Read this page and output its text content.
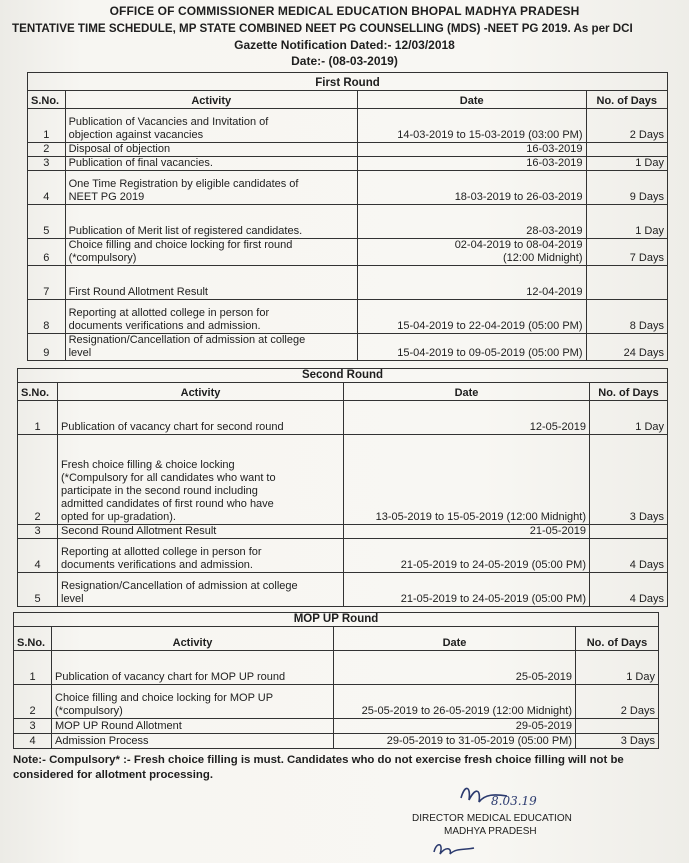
OFFICE OF COMMISSIONER MEDICAL EDUCATION BHOPAL MADHYA PRADESH
TENTATIVE TIME SCHEDULE, MP STATE COMBINED NEET PG COUNSELLING (MDS) -NEET PG 2019. As per DCI
Gazette Notification Dated:- 12/03/2018
Date:- (08-03-2019)
First Round			
S.No.	Activity	Date	No. of Days
1	Publication of Vacancies and Invitation of
objection against vacancies	14-03-2019 to 15-03-2019 (03:00 PM)	2 Days
2	Disposal of objection	16-03-2019	

3	Publication of final vacancies.	16-03-2019	1 Day
4	One Time Registration by eligible candidates of
NEET PG 2019	18-03-2019 to 26-03-2019	9 Days
5	Publication of Merit list of registered candidates.	28-03-2019	1 Day
6	Choice filling and choice locking for first round
(*compulsory)	02-04-2019 to 08-04-2019
(12:00 Midnight)	7 Days
7	First Round Allotment Result	12-04-2019	

8	Reporting at allotted college in person for
documents verifications and admission.	15-04-2019 to 22-04-2019 (05:00 PM)	8 Days
9	Resignation/Cancellation of admission at college
level	15-04-2019 to 09-05-2019 (05:00 PM)	24 Days
Second Round			
S.No.	Activity	Date	No. of Days
1	Publication of vacancy chart for second round	12-05-2019	1 Day
2	Fresh choice filling & choice locking
(*Compulsory for all candidates who want to
participate in the second round including
admitted candidates of first round who have
opted for up-gradation).	13-05-2019 to 15-05-2019 (12:00 Midnight)	3 Days
3	Second Round Allotment Result	21-05-2019	

4	Reporting at allotted college in person for
documents verifications and admission.	21-05-2019 to 24-05-2019 (05:00 PM)	4 Days
5	Resignation/Cancellation of admission at college
level	21-05-2019 to 24-05-2019 (05:00 PM)	4 Days
MOP UP Round			
S.No.	Activity	Date	No. of Days
1	Publication of vacancy chart for MOP UP round	25-05-2019	1 Day
2	Choice filling and choice locking for MOP UP
(*compulsory)	25-05-2019 to 26-05-2019 (12:00 Midnight)	2 Days
3	MOP UP Round Allotment	29-05-2019	

4	Admission Process	29-05-2019 to 31-05-2019 (05:00 PM)	3 Days
Note:- Compulsory* :- Fresh choice filling is must. Candidates who do not exercise fresh choice filling will not be considered for allotment processing.
8.03.19
DIRECTOR MEDICAL EDUCATION
MADHYA PRADESH
